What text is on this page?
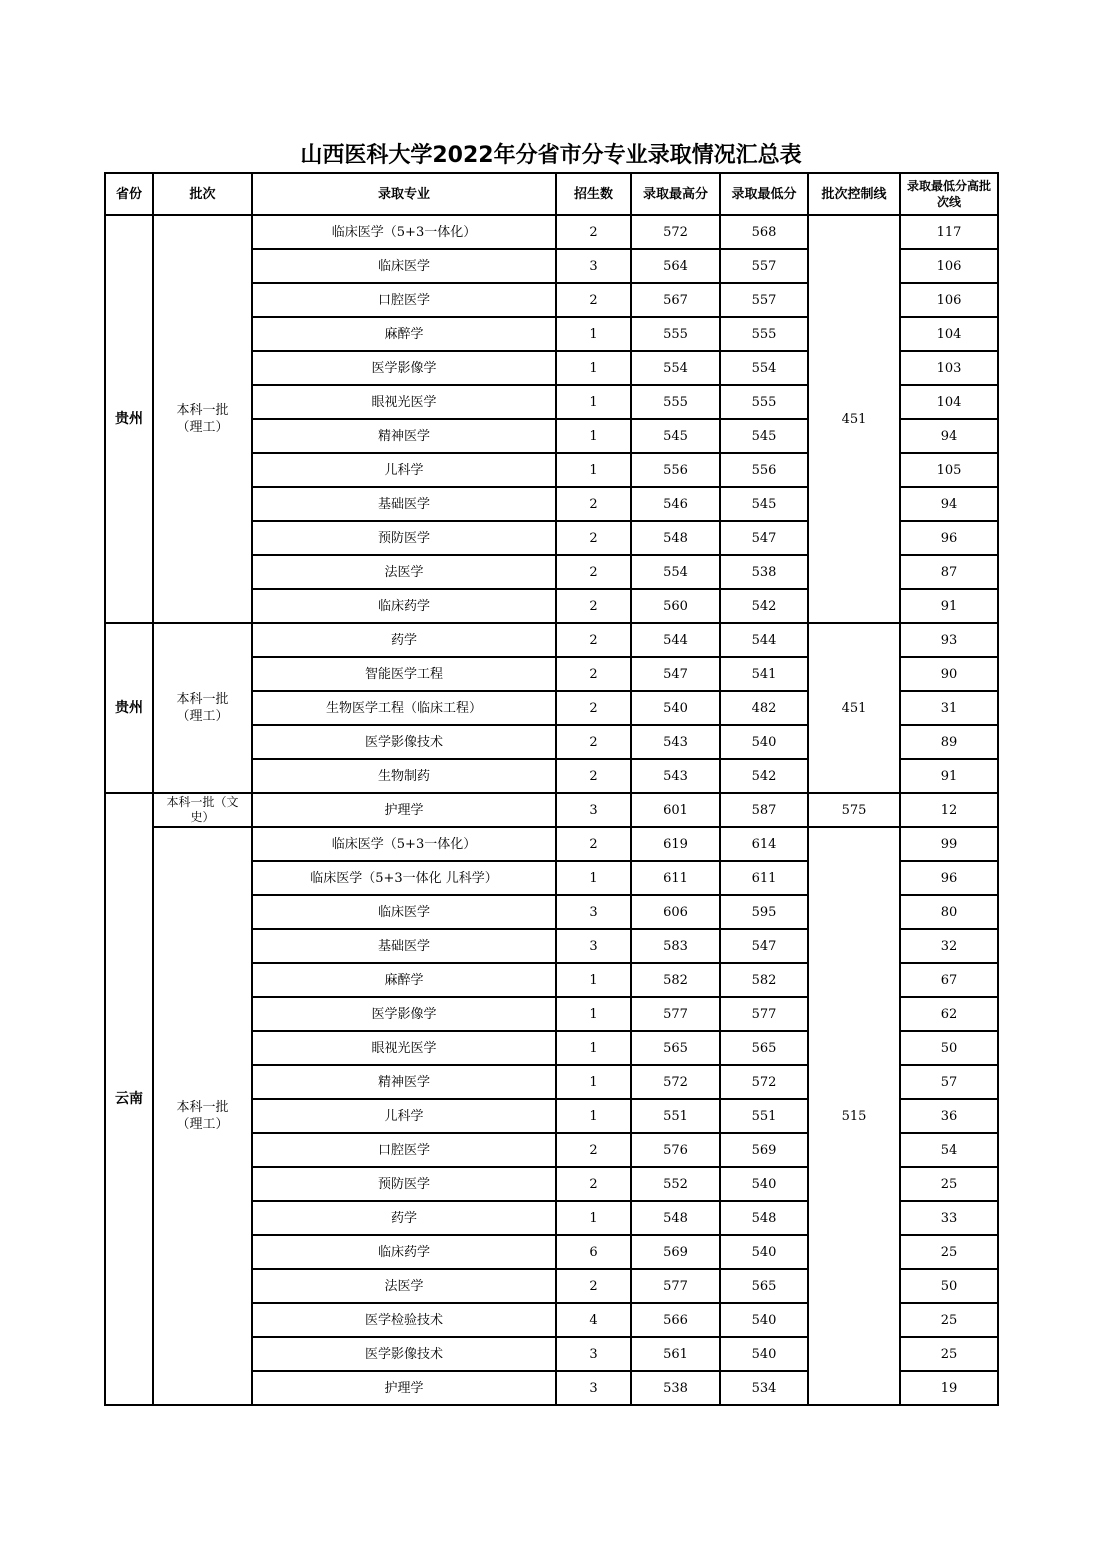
山西医科大学2022年分省市分专业录取情况汇总表
省份	批次	录取专业	招生数	录取最高分	录取最低分	批次控制线	录取最低分高批次线
贵州	本科一批（理工）	临床医学（5+3一体化）	2	572	568	451	117
		临床医学	3	564	557		106
		口腔医学	2	567	557		106
		麻醉学	1	555	555		104
		医学影像学	1	554	554		103
		眼视光医学	1	555	555		104
		精神医学	1	545	545		94
		儿科学	1	556	556		105
		基础医学	2	546	545		94
		预防医学	2	548	547		96
		法医学	2	554	538		87
		临床药学	2	560	542		91
贵州	本科一批（理工）	药学	2	544	544	451	93
		智能医学工程	2	547	541		90
		生物医学工程（临床工程）	2	540	482		31
		医学影像技术	2	543	540		89
		生物制药	2	543	542		91
云南	本科一批（文史）	护理学	3	601	587	575	12
	本科一批（理工）	临床医学（5+3一体化）	2	619	614	515	99
		临床医学（5+3一体化 儿科学）	1	611	611		96
		临床医学	3	606	595		80
		基础医学	3	583	547		32
		麻醉学	1	582	582		67
		医学影像学	1	577	577		62
		眼视光医学	1	565	565		50
		精神医学	1	572	572		57
		儿科学	1	551	551		36
		口腔医学	2	576	569		54
		预防医学	2	552	540		25
		药学	1	548	548		33
		临床药学	6	569	540		25
		法医学	2	577	565		50
		医学检验技术	4	566	540		25
		医学影像技术	3	561	540		25
		护理学	3	538	534		19
